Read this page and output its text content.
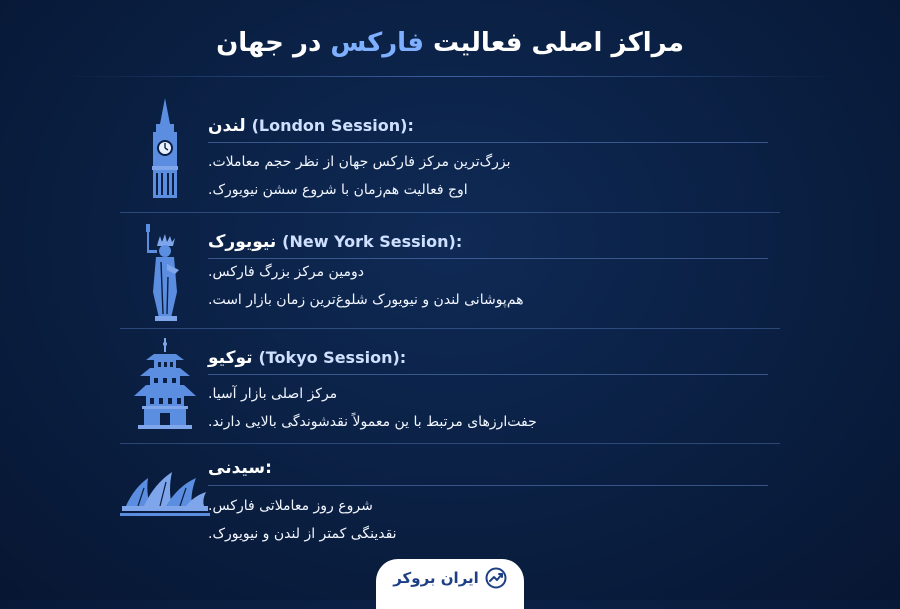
مراکز اصلی فعالیت فارکس در جهان
لندن (London Session):
بزرگ‌ترین مرکز فارکس جهان از نظر حجم معاملات.
اوج فعالیت هم‌زمان با شروع سشن نیویورک.
نیویورک (New York Session):
دومین مرکز بزرگ فارکس.
هم‌پوشانی لندن و نیویورک شلوغ‌ترین زمان بازار است.
توکیو (Tokyo Session):
مرکز اصلی بازار آسیا.
جفت‌ارزهای مرتبط با ین معمولاً نقدشوندگی بالایی دارند.
سیدنی:
شروع روز معاملاتی فارکس.
نقدینگی کمتر از لندن و نیویورک.
ایران بروکر
